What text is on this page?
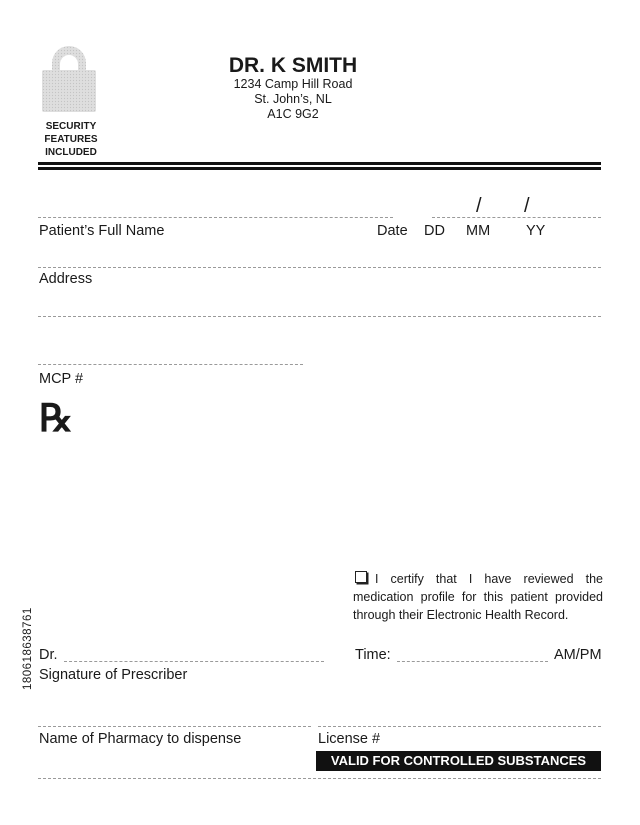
SECURITY
FEATURES
INCLUDED
DR. K SMITH
1234 Camp Hill Road
St. John’s, NL
A1C 9G2
Patient’s Full Name
/ /
Date DD MM YY
Address
MCP #
℞
I certify that I have reviewed the medication profile for this patient provided through their Electronic Health Record.
180618638761 Dr.
Signature of Prescriber
Time:	AM/PM
Name of Pharmacy to dispense	License #
VALID FOR CONTROLLED SUBSTANCES
